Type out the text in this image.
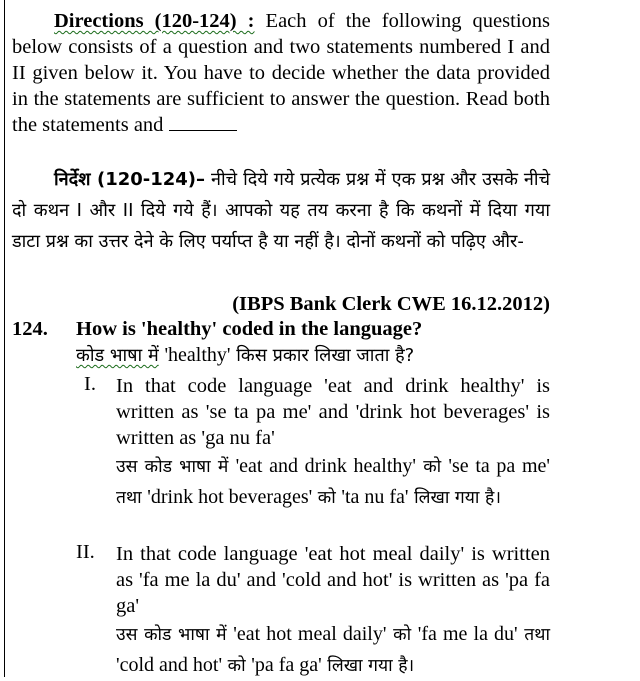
Directions (120-124) : Each of the following questions below consists of a question and two statements numbered I and II given below it. You have to decide whether the data provided in the statements are sufficient to answer the question. Read both the statements and
निर्देश (120-124)– नीचे दिये गये प्रत्येक प्रश्न में एक प्रश्न और उसके नीचे दो कथन I और II दिये गये हैं। आपको यह तय करना है कि कथनों में दिया गया डाटा प्रश्न का उत्तर देने के लिए पर्याप्त है या नहीं है। दोनों कथनों को पढ़िए और-
(IBPS Bank Clerk CWE 16.12.2012)
124. How is 'healthy' coded in the language?
कोड भाषा में 'healthy' किस प्रकार लिखा जाता है?
I. In that code language 'eat and drink healthy' is written as 'se ta pa me' and 'drink hot beverages' is written as 'ga nu fa'
उस कोड भाषा में 'eat and drink healthy' को 'se ta pa me' तथा 'drink hot beverages' को 'ta nu fa' लिखा गया है।
II. In that code language 'eat hot meal daily' is written as 'fa me la du' and 'cold and hot' is written as 'pa fa ga'
उस कोड भाषा में 'eat hot meal daily' को 'fa me la du' तथा 'cold and hot' को 'pa fa ga' लिखा गया है।
